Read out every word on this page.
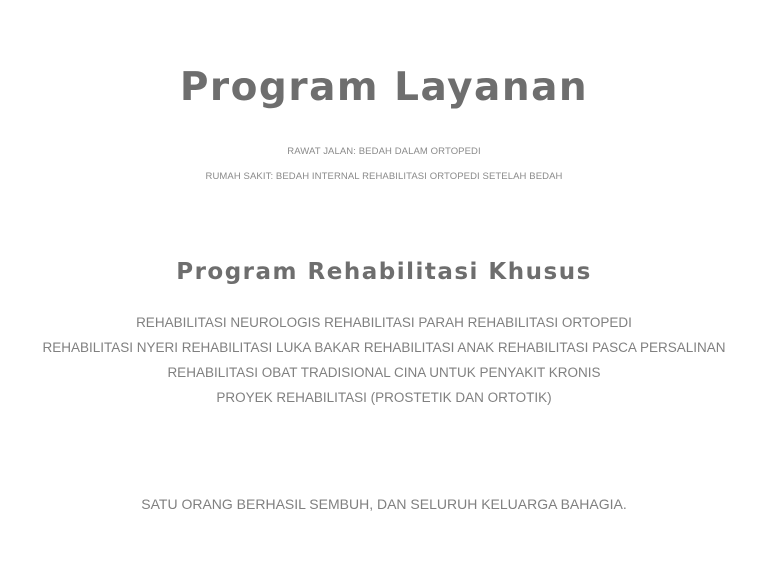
Program Layanan

RAWAT JALAN: BEDAH DALAM ORTOPEDI

RUMAH SAKIT: BEDAH INTERNAL REHABILITASI ORTOPEDI SETELAH BEDAH

Program Rehabilitasi Khusus

REHABILITASI NEUROLOGIS REHABILITASI PARAH REHABILITASI ORTOPEDI

REHABILITASI NYERI REHABILITASI LUKA BAKAR REHABILITASI ANAK REHABILITASI PASCA PERSALINAN

REHABILITASI OBAT TRADISIONAL CINA UNTUK PENYAKIT KRONIS

PROYEK REHABILITASI (PROSTETIK DAN ORTOTIK)

SATU ORANG BERHASIL SEMBUH, DAN SELURUH KELUARGA BAHAGIA.
